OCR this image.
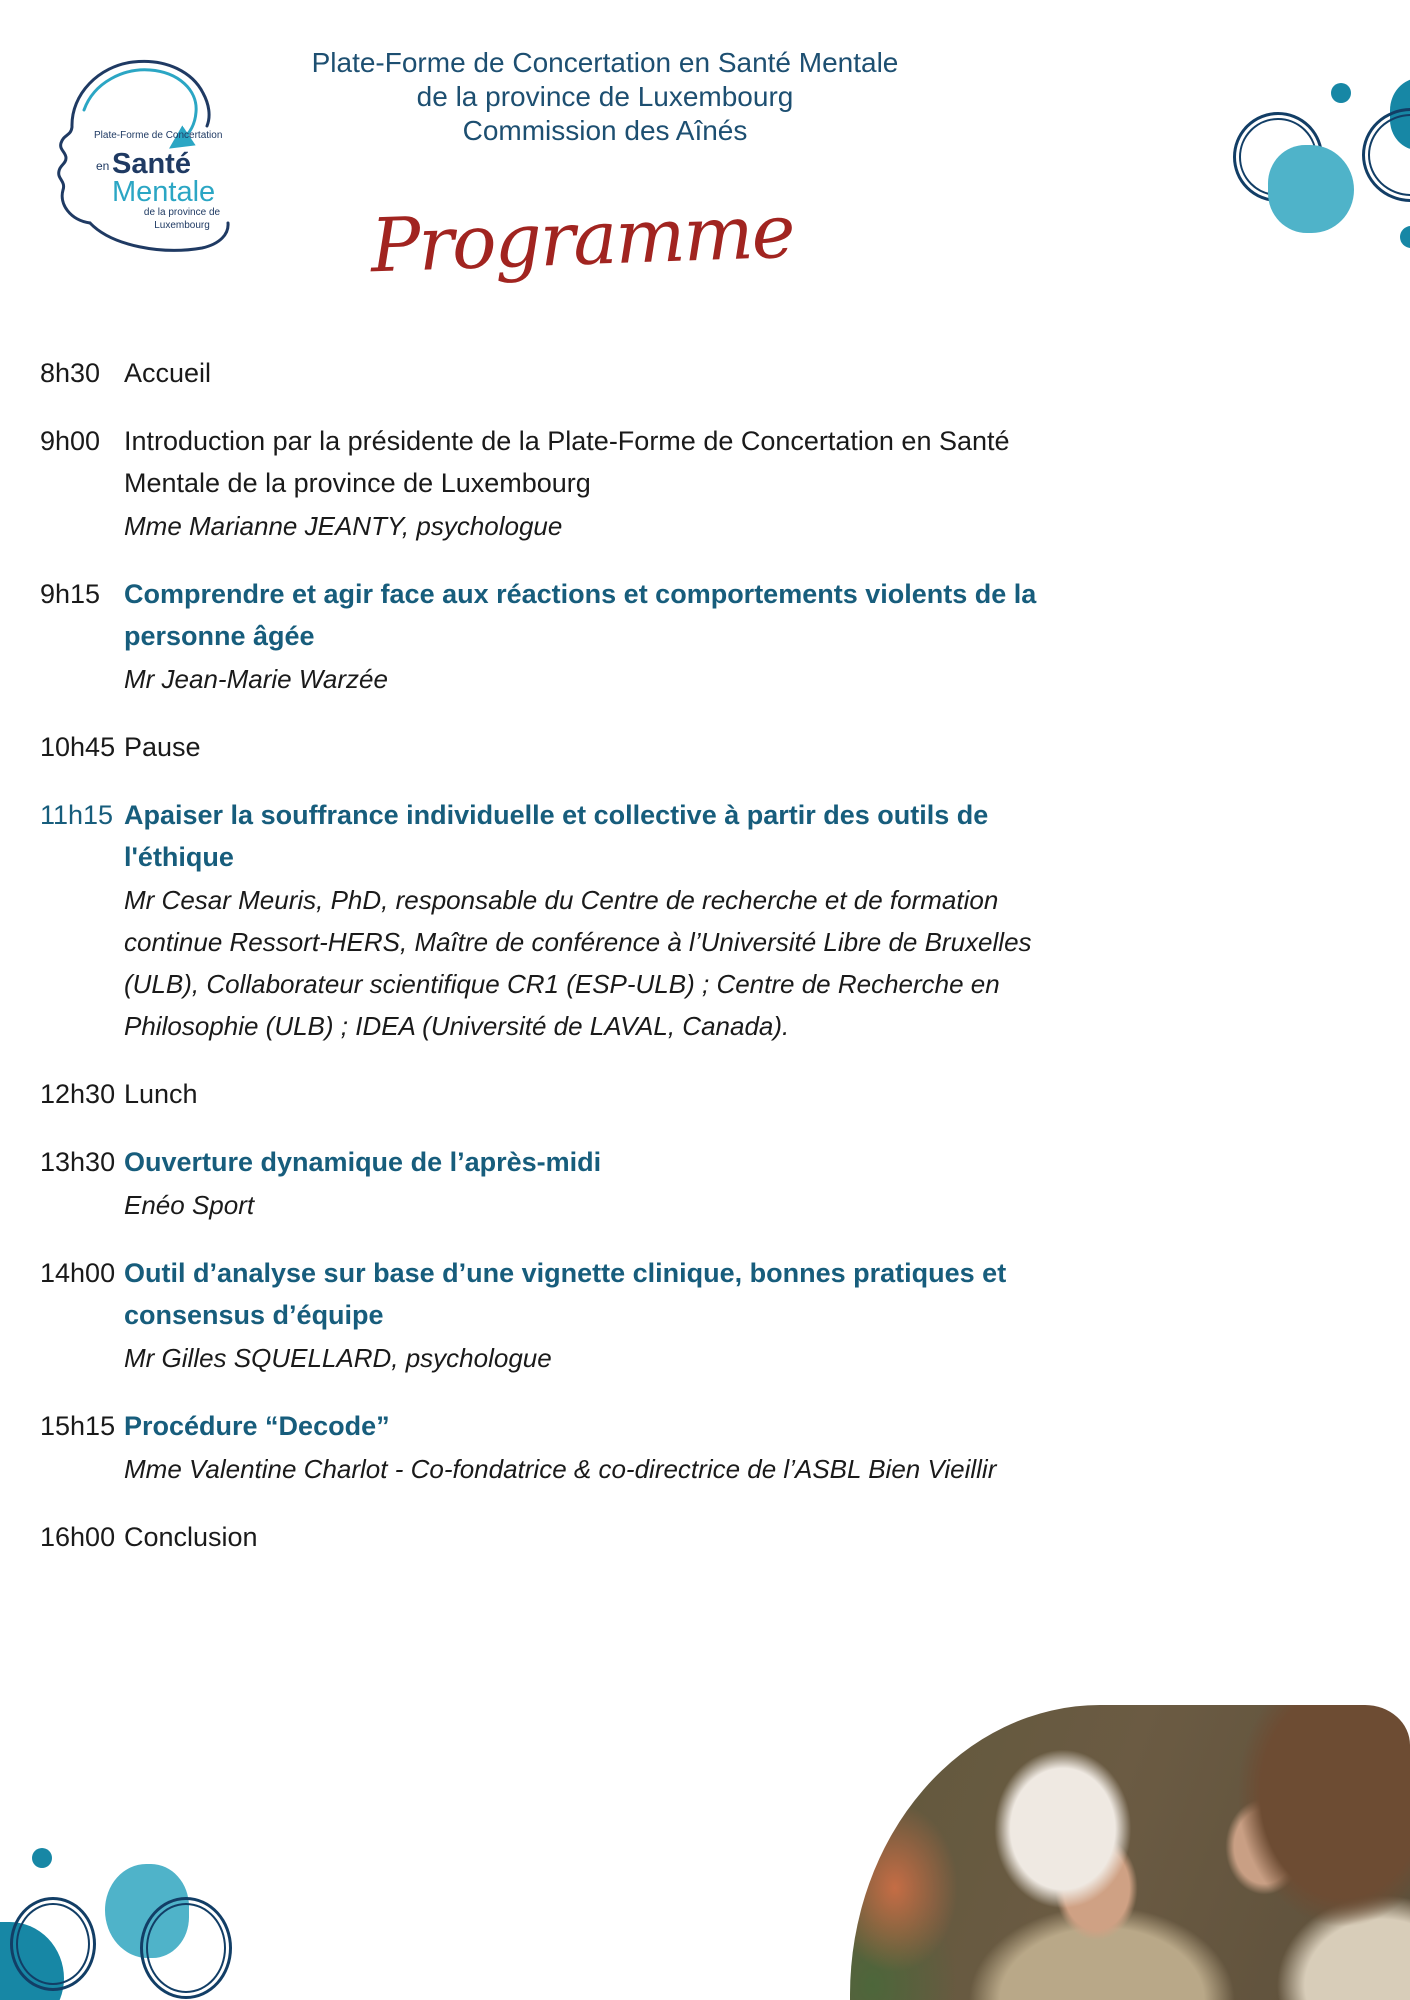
Plate-Forme de Concertation
en Santé
Mentale
de la province de
Luxembourg
Plate-Forme de Concertation en Santé Mentale
de la province de Luxembourg
Commission des Aînés
Programme
8h30 Accueil
9h00 Introduction par la présidente de la Plate-Forme de Concertation en Santé Mentale de la province de Luxembourg
Mme Marianne JEANTY, psychologue
9h15 Comprendre et agir face aux réactions et comportements violents de la personne âgée
Mr Jean-Marie Warzée
10h45 Pause
11h15 Apaiser la souffrance individuelle et collective à partir des outils de l'éthique
Mr Cesar Meuris, PhD, responsable du Centre de recherche et de formation continue Ressort-HERS, Maître de conférence à l’Université Libre de Bruxelles (ULB), Collaborateur scientifique CR1 (ESP-ULB) ; Centre de Recherche en Philosophie (ULB) ; IDEA (Université de LAVAL, Canada).
12h30 Lunch
13h30 Ouverture dynamique de l’après-midi
Enéo Sport
14h00 Outil d’analyse sur base d’une vignette clinique, bonnes pratiques et consensus d’équipe
Mr Gilles SQUELLARD, psychologue
15h15 Procédure “Decode”
Mme Valentine Charlot - Co-fondatrice & co-directrice de l’ASBL Bien Vieillir
16h00 Conclusion
